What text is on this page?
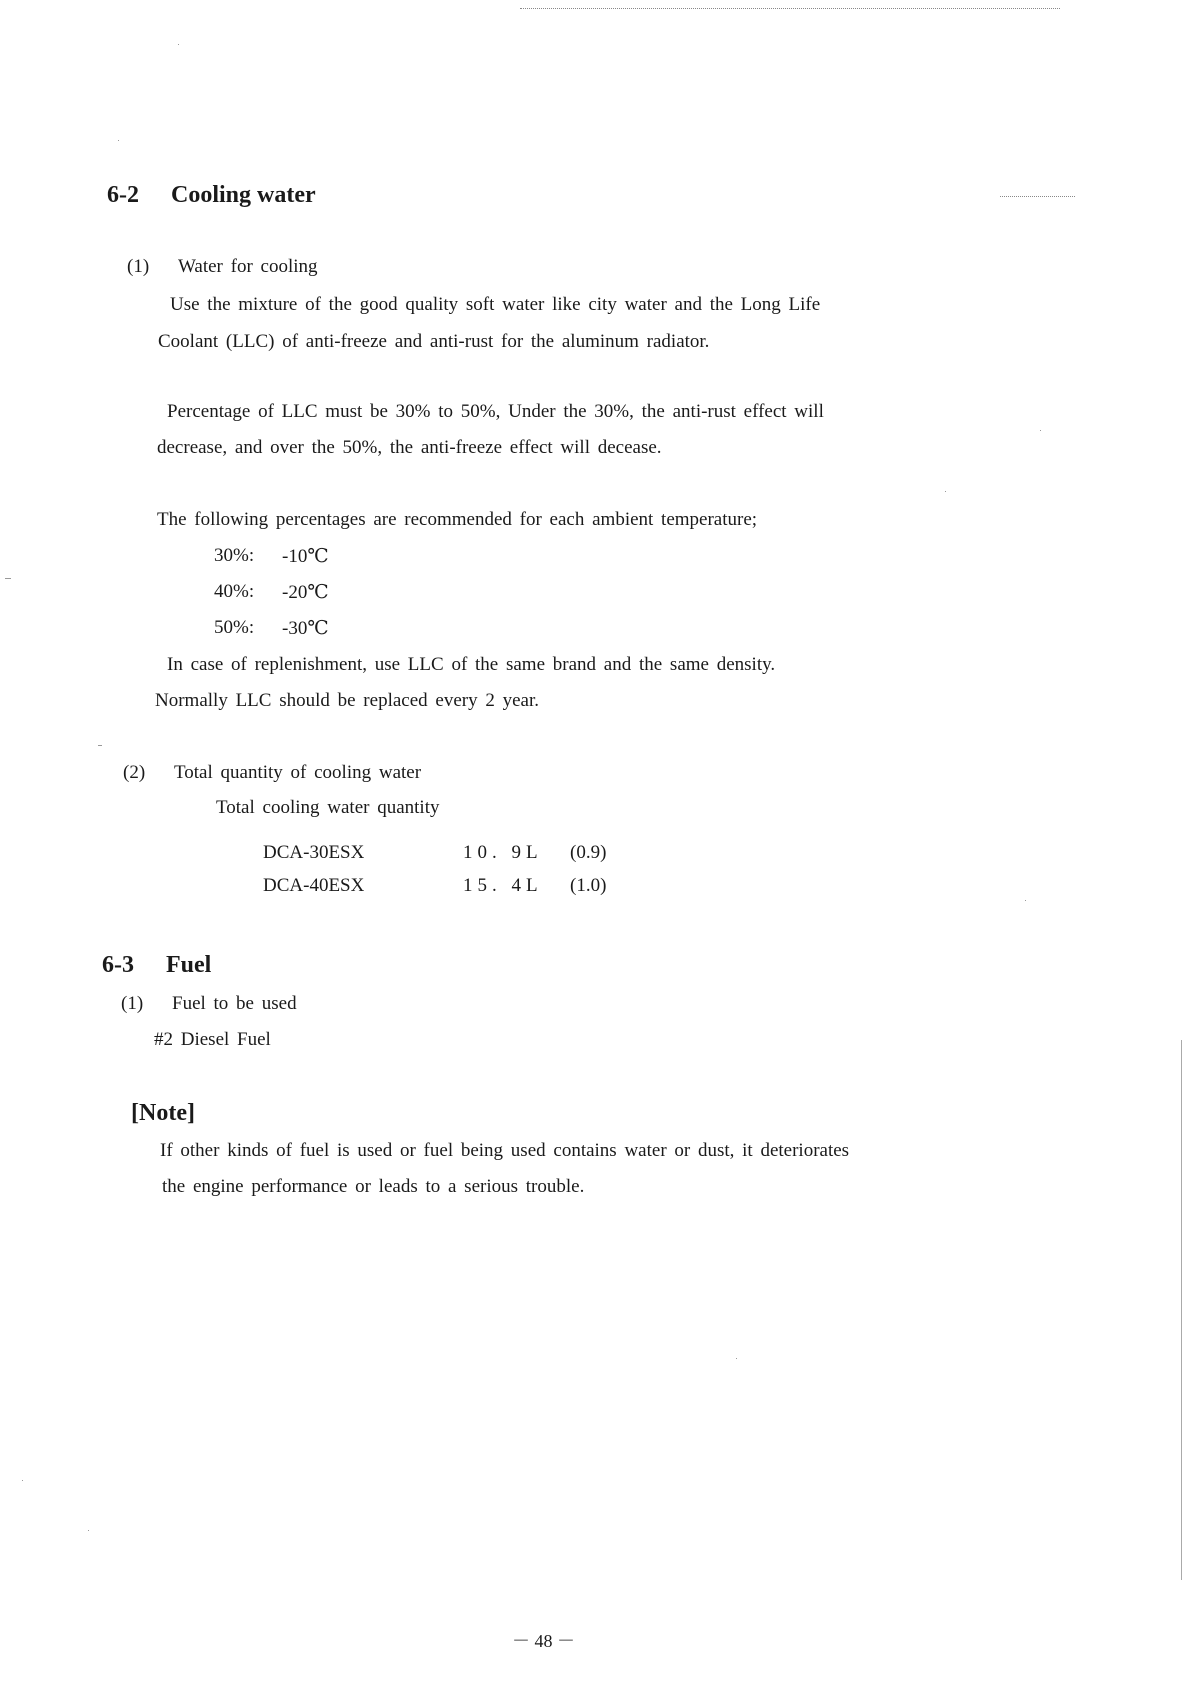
6-2 Cooling water
(1) Water for cooling
Use the mixture of the good quality soft water like city water and the Long Life
Coolant (LLC) of anti-freeze and anti-rust for the aluminum radiator.
Percentage of LLC must be 30% to 50%, Under the 30%, the anti-rust effect will
decrease, and over the 50%, the anti-freeze effect will decease.
The following percentages are recommended for each ambient temperature;
30%: -10℃
40%: -20℃
50%: -30℃
In case of replenishment, use LLC of the same brand and the same density.
Normally LLC should be replaced every 2 year.
(2) Total quantity of cooling water
Total cooling water quantity
DCA-30ESX	10. 9L (0.9)
DCA-40ESX	15. 4L (1.0)
6-3 Fuel
(1) Fuel to be used
#2 Diesel Fuel
[Note]
If other kinds of fuel is used or fuel being used contains water or dust, it deteriorates
the engine performance or leads to a serious trouble.
－ 48 －
